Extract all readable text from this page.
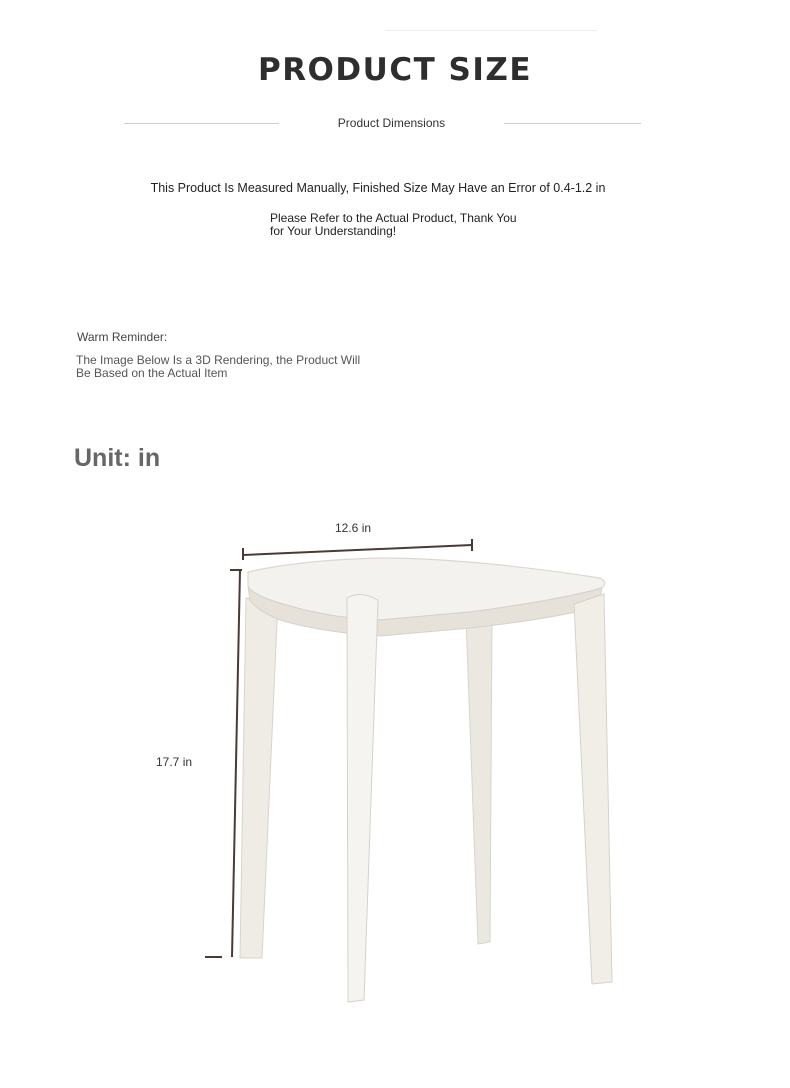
PRODUCT SIZE
Product Dimensions
This Product Is Measured Manually, Finished Size May Have an Error of 0.4-1.2 in
Please Refer to the Actual Product, Thank You for Your Understanding!
Warm Reminder:
The Image Below Is a 3D Rendering, the Product Will Be Based on the Actual Item
Unit: in
12.6 in
17.7 in
